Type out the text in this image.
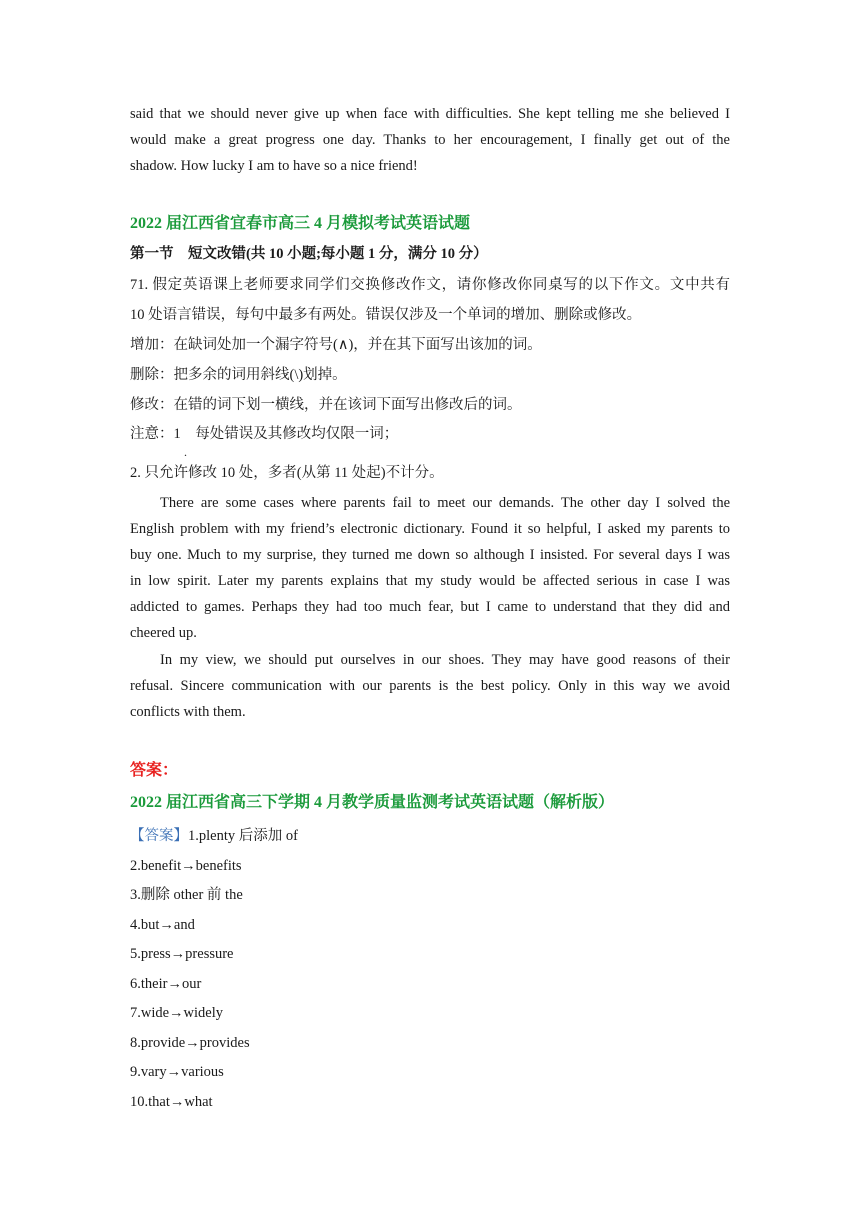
said that we should never give up when face with difficulties. She kept telling me she believed I
would make a great progress one day. Thanks to her encouragement, I finally get out of the
shadow. How lucky I am to have so a nice friend!
2022 届江西省宜春市高三 4 月模拟考试英语试题
第一节　短文改错(共 10 小题;每小题 1 分，满分 10 分）
71. 假定英语课上老师要求同学们交换修改作文，请你修改你同桌写的以下作文。文中共有
10 处语言错误，每句中最多有两处。错误仅涉及一个单词的增加、删除或修改。
增加：在缺词处加一个漏字符号(∧)，并在其下面写出该加的词。
删除：把多余的词用斜线(\)划掉。
修改：在错的词下划一横线，并在该词下面写出修改后的词。
注意：1　每处错误及其修改均仅限一词；
.
2. 只允许修改 10 处，多者(从第 11 处起)不计分。
There are some cases where parents fail to meet our demands. The other day I solved the
English problem with my friend’s electronic dictionary. Found it so helpful, I asked my parents to
buy one. Much to my surprise, they turned me down so although I insisted. For several days I was
in low spirit. Later my parents explains that my study would be affected serious in case I was
addicted to games. Perhaps they had too much fear, but I came to understand that they did and
cheered up.
In my view, we should put ourselves in our shoes. They may have good reasons of their
refusal. Sincere communication with our parents is the best policy. Only in this way we avoid
conflicts with them.
答案：
2022 届江西省高三下学期 4 月教学质量监测考试英语试题（解析版）
【答案】1.plenty 后添加 of
2.benefit→benefits
3.删除 other 前 the
4.but→and
5.press→pressure
6.their→our
7.wide→widely
8.provide→provides
9.vary→various
10.that→what
